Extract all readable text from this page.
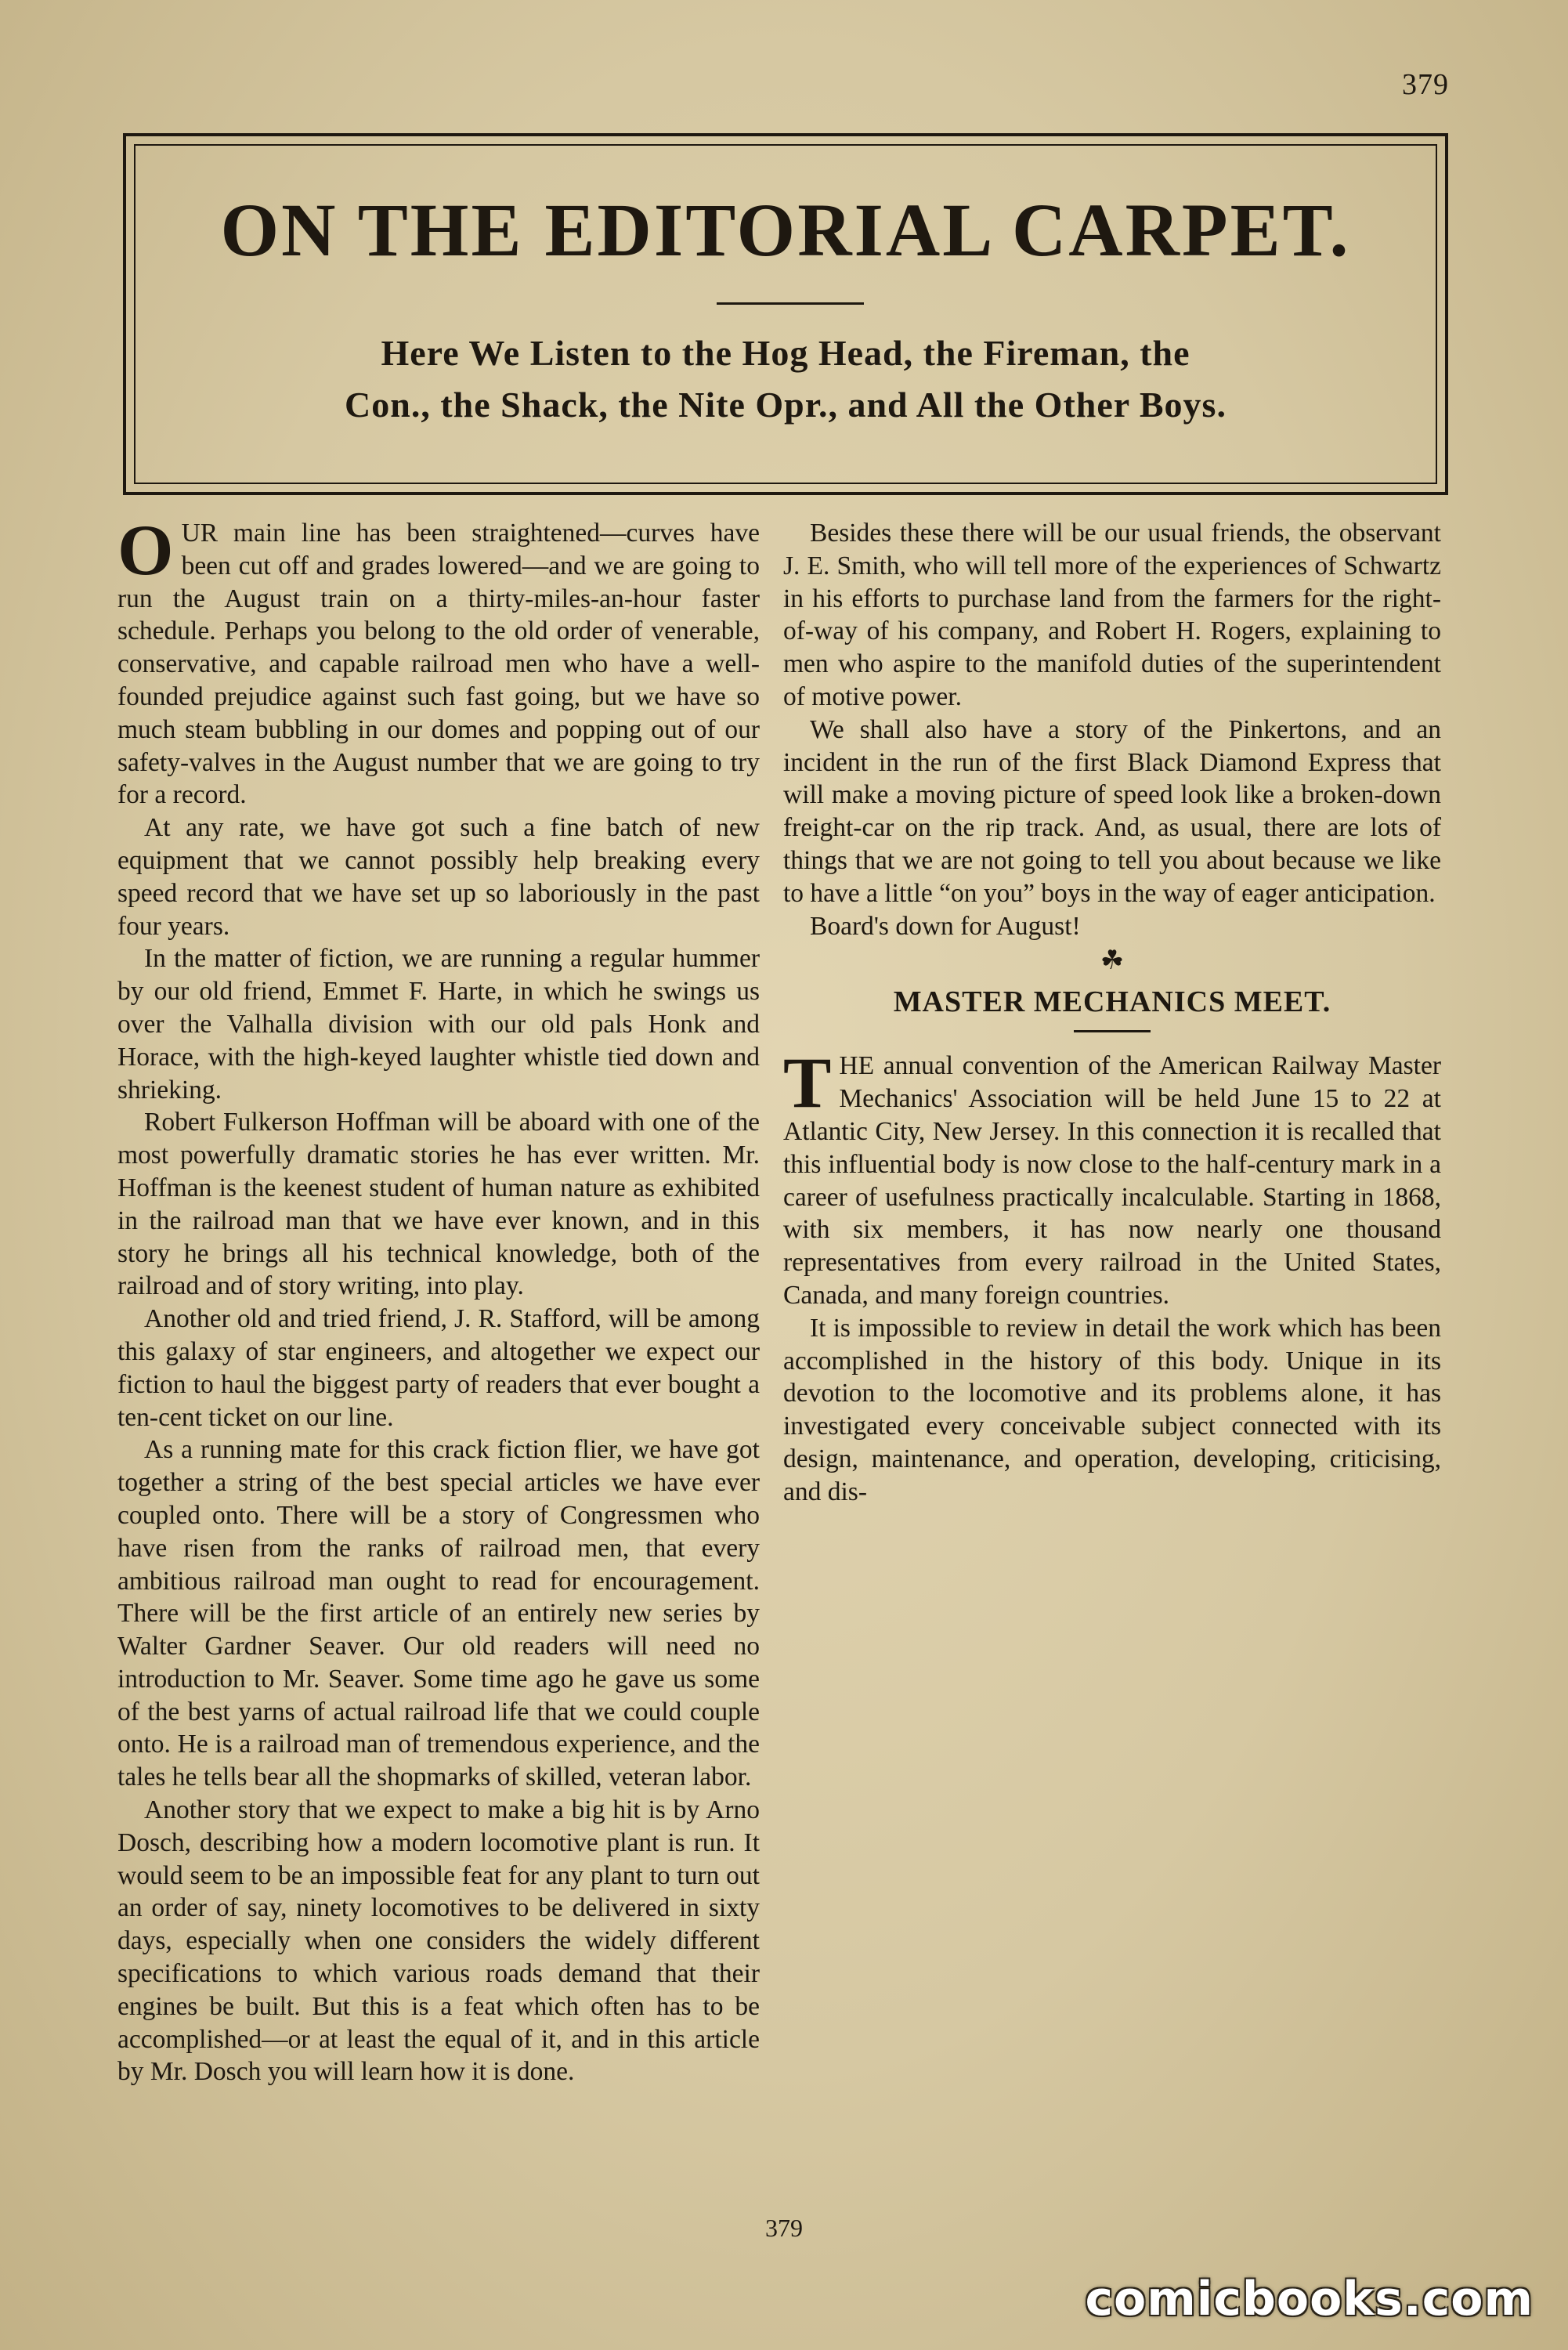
379
ON THE EDITORIAL CARPET.
Here We Listen to the Hog Head, the Fireman, the
Con., the Shack, the Nite Opr., and All the Other Boys.

OUR main line has been straightened—curves have been cut off and grades lowered—and we are going to run the August train on a thirty-miles-an-hour faster schedule. Perhaps you belong to the old order of venerable, conservative, and capable railroad men who have a well-founded prejudice against such fast going, but we have so much steam bubbling in our domes and popping out of our safety-valves in the August number that we are going to try for a record.

At any rate, we have got such a fine batch of new equipment that we cannot possibly help breaking every speed record that we have set up so laboriously in the past four years.

In the matter of fiction, we are running a regular hummer by our old friend, Emmet F. Harte, in which he swings us over the Valhalla division with our old pals Honk and Horace, with the high-keyed laughter whistle tied down and shrieking.

Robert Fulkerson Hoffman will be aboard with one of the most powerfully dramatic stories he has ever written. Mr. Hoffman is the keenest student of human nature as exhibited in the railroad man that we have ever known, and in this story he brings all his technical knowledge, both of the railroad and of story writing, into play.

Another old and tried friend, J. R. Stafford, will be among this galaxy of star engineers, and altogether we expect our fiction to haul the biggest party of readers that ever bought a ten-cent ticket on our line.

As a running mate for this crack fiction flier, we have got together a string of the best special articles we have ever coupled onto. There will be a story of Congressmen who have risen from the ranks of railroad men, that every ambitious railroad man ought to read for encouragement. There will be the first article of an entirely new series by Walter Gardner Seaver. Our old readers will need no introduction to Mr. Seaver. Some time ago he gave us some of the best yarns of actual railroad life that we could couple onto. He is a railroad man of tremendous experience, and the tales he tells bear all the shopmarks of skilled, veteran labor.

Another story that we expect to make a big hit is by Arno Dosch, describing how a modern locomotive plant is run. It would seem to be an impossible feat for any plant to turn out an order of say, ninety locomotives to be delivered in sixty days, especially when one considers the widely different specifications to which various roads demand that their engines be built. But this is a feat which often has to be accomplished—or at least the equal of it, and in this article by Mr. Dosch you will learn how it is done.

Besides these there will be our usual friends, the observant J. E. Smith, who will tell more of the experiences of Schwartz in his efforts to purchase land from the farmers for the right-of-way of his company, and Robert H. Rogers, explaining to men who aspire to the manifold duties of the superintendent of motive power.

We shall also have a story of the Pinkertons, and an incident in the run of the first Black Diamond Express that will make a moving picture of speed look like a broken-down freight-car on the rip track. And, as usual, there are lots of things that we are not going to tell you about because we like to have a little “on you” boys in the way of eager anticipation.

Board's down for August!

☘
MASTER MECHANICS MEET.

THE annual convention of the American Railway Master Mechanics' Association will be held June 15 to 22 at Atlantic City, New Jersey. In this connection it is recalled that this influential body is now close to the half-century mark in a career of usefulness practically incalculable. Starting in 1868, with six members, it has now nearly one thousand representatives from every railroad in the United States, Canada, and many foreign countries.

It is impossible to review in detail the work which has been accomplished in the history of this body. Unique in its devotion to the locomotive and its problems alone, it has investigated every conceivable subject connected with its design, maintenance, and operation, developing, criticising, and dis-

379
comicbooks.com
